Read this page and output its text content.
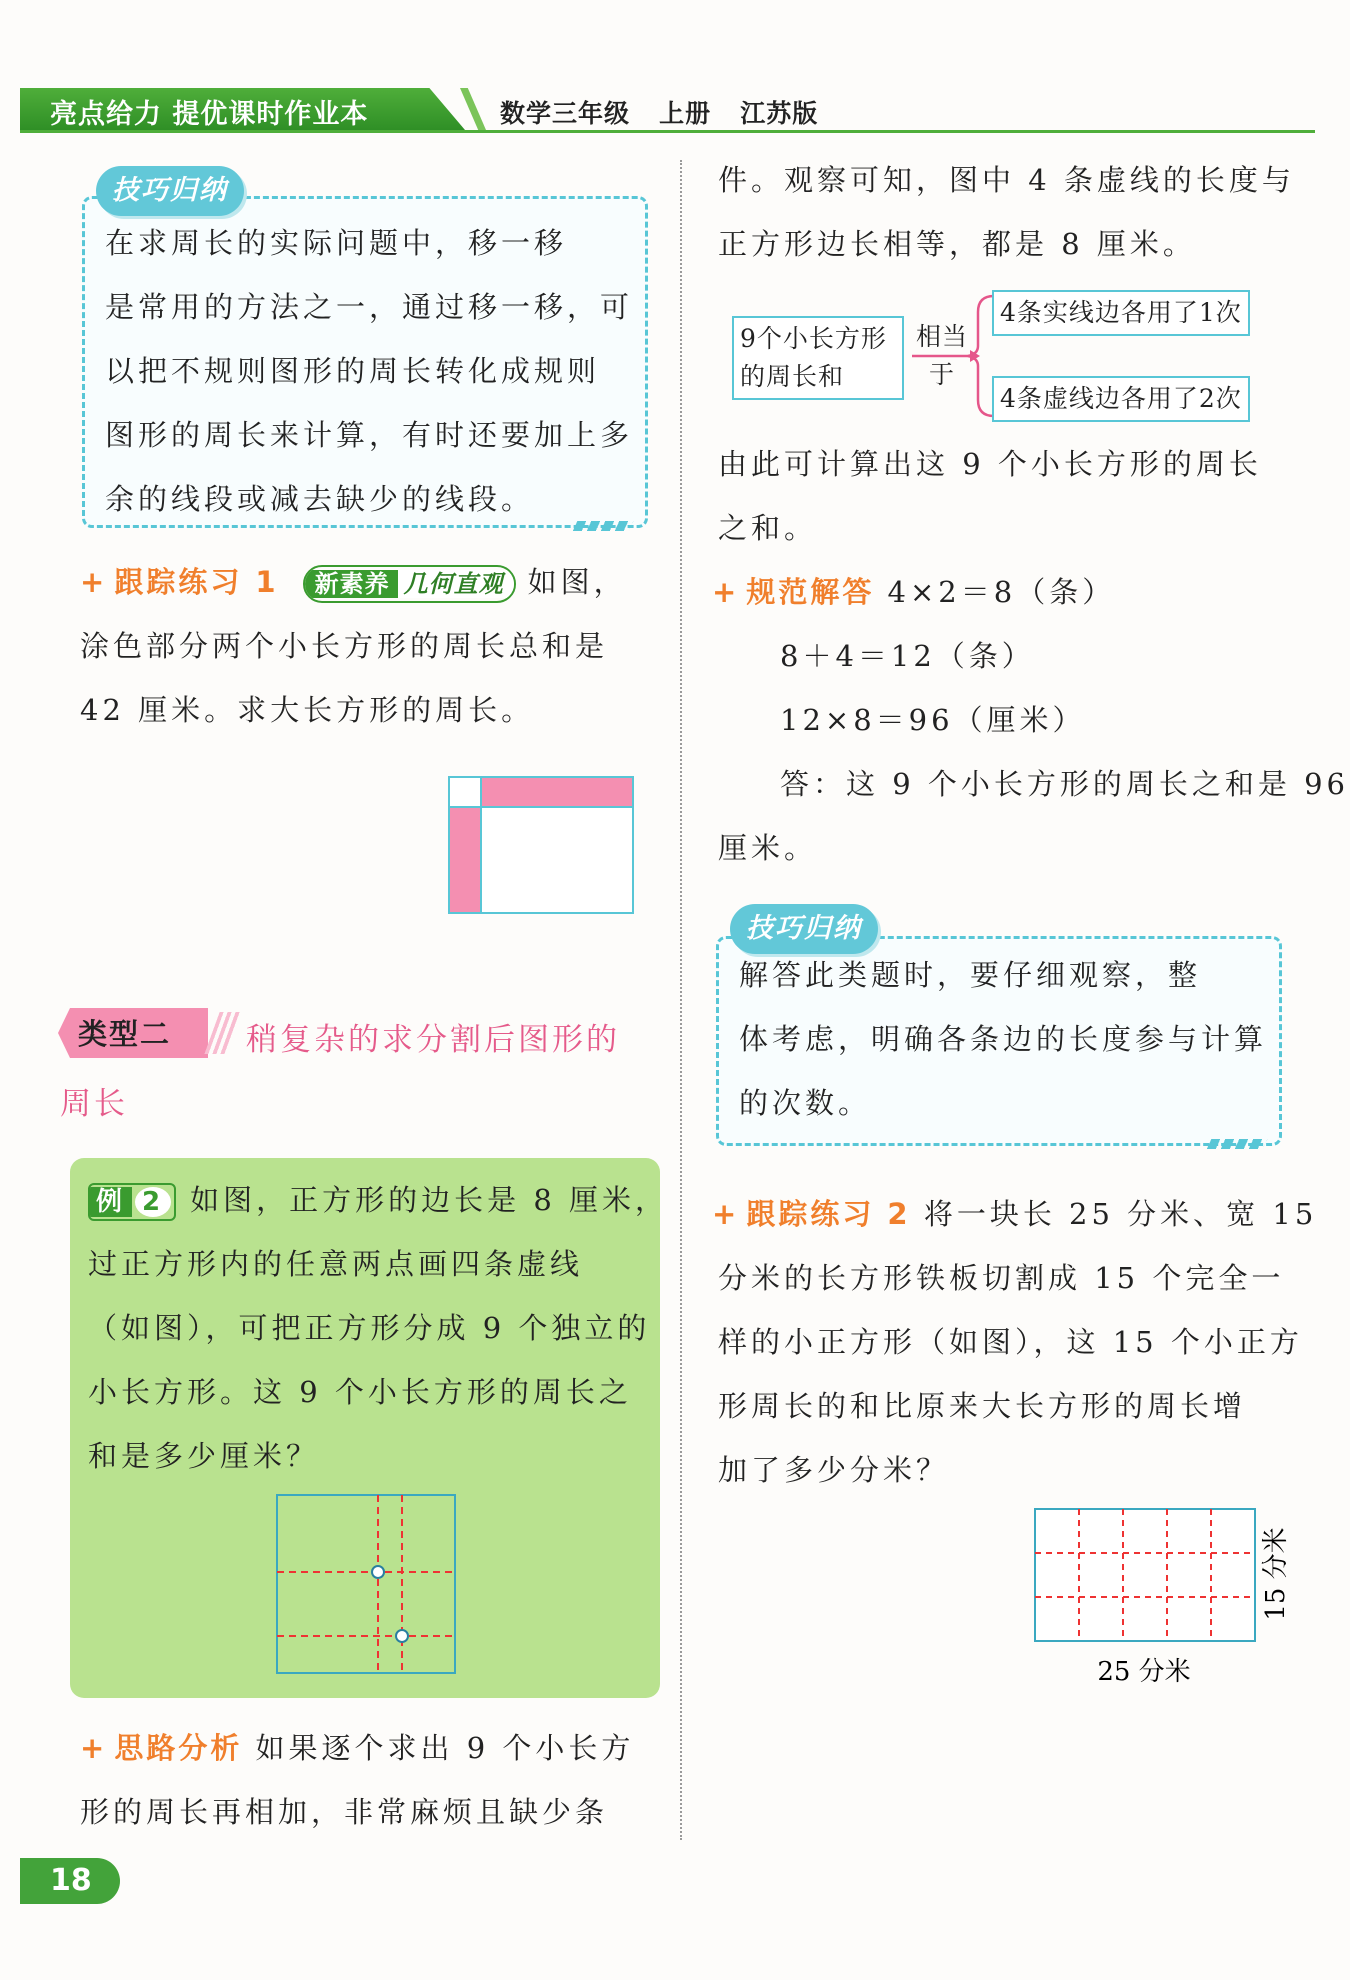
亮点给力 提优课时作业本	数学三年级 上册 江苏版

在求周长的实际问题中，移一移

是常用的方法之一，通过移一移，可

以把不规则图形的周长转化成规则

图形的周长来计算，有时还要加上多

余的线段或减去缺少的线段。

技巧归纳

+ 跟踪练习 1 新素养 几何直观 如图，

涂色部分两个小长方形的周长总和是

42 厘米。求大长方形的周长。

类型二 稍复杂的求分割后图形的
周长

例 2 如图，正方形的边长是 8 厘米，

过正方形内的任意两点画四条虚线

（如图），可把正方形分成 9 个独立的

小长方形。这 9 个小长方形的周长之

和是多少厘米？

+ 思路分析 如果逐个求出 9 个小长方

形的周长再相加，非常麻烦且缺少条

件。观察可知，图中 4 条虚线的长度与

正方形边长相等，都是 8 厘米。

9个小长方形
的周长和
相当
于
4条实线边各用了1次
4条虚线边各用了2次

由此可计算出这 9 个小长方形的周长

之和。

+ 规范解答 4×2＝8（条）

8＋4＝12（条）

12×8＝96（厘米）

答：这 9 个小长方形的周长之和是 96

厘米。

解答此类题时，要仔细观察，整

体考虑，明确各条边的长度参与计算

的次数。

技巧归纳

+ 跟踪练习 2 将一块长 25 分米、宽 15

分米的长方形铁板切割成 15 个完全一

样的小正方形（如图），这 15 个小正方

形周长的和比原来大长方形的周长增

加了多少分米？

25 分米
15 分米
18
